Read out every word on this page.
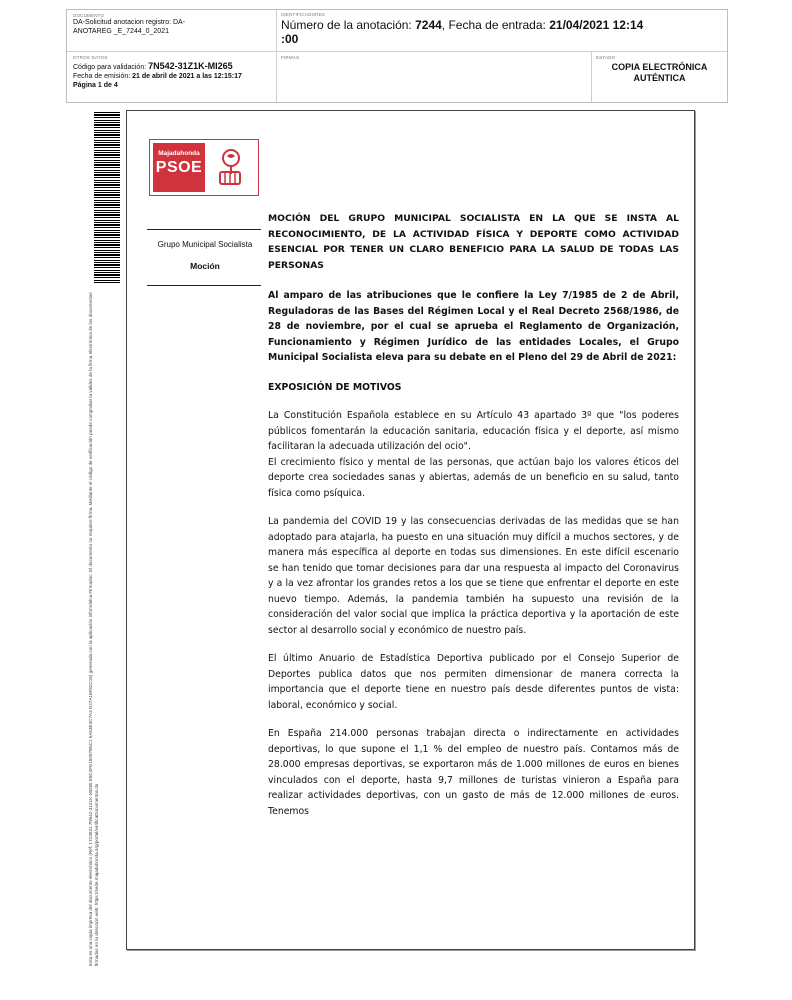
DOCUMENTO
DA-Solicitud anotacion registro: DA-ANOTAREG _E_7244_0_2021
IDENTIFICADORES
Número de la anotación: 7244, Fecha de entrada: 21/04/2021 12:14 :00
OTROS DATOS
Código para validación: 7N542-31Z1K-MI265
Fecha de emisión: 21 de abril de 2021 a las 12:15:17
Página 1 de 4
FIRMAS	ESTADO
COPIA ELECTRÓNICA AUTÉNTICA
Esta es una copia impresa del documento electrónico (Ref: 1723531 7N542-31Z1K-MI265 E8C4FE15097B5C1 5A53E4C7A3 D27A16F82C16) generada con la aplicación informática Firmadoc. El documento no requiere firma. Mediante el código de verificación puede comprobar la validez de la firma electrónica de los documentos firmados en la dirección web: https://sede.majadahonda.org/portal/verificaDocumentos.do
Majadahonda
PSOE
Grupo Municipal Socialista
Moción

MOCIÓN DEL GRUPO MUNICIPAL SOCIALISTA EN LA QUE SE INSTA AL RECONOCIMIENTO, DE LA ACTIVIDAD FÍSICA Y DEPORTE COMO ACTIVIDAD ESENCIAL POR TENER UN CLARO BENEFICIO PARA LA SALUD DE TODAS LAS PERSONAS

Al amparo de las atribuciones que le confiere la Ley 7/1985 de 2 de Abril, Reguladoras de las Bases del Régimen Local y el Real Decreto 2568/1986, de 28 de noviembre, por el cual se aprueba el Reglamento de Organización, Funcionamiento y Régimen Jurídico de las entidades Locales, el Grupo Municipal Socialista eleva para su debate en el Pleno del 29 de Abril de 2021:

EXPOSICIÓN DE MOTIVOS

La Constitución Española establece en su Artículo 43 apartado 3º que "los poderes públicos fomentarán la educación sanitaria, educación física y el deporte, así mismo facilitaran la adecuada utilización del ocio".

El crecimiento físico y mental de las personas, que actúan bajo los valores éticos del deporte crea sociedades sanas y abiertas, además de un beneficio en su salud, tanto física como psíquica.

La pandemia del COVID 19 y las consecuencias derivadas de las medidas que se han adoptado para atajarla, ha puesto en una situación muy difícil a muchos sectores, y de manera más específica al deporte en todas sus dimensiones. En este difícil escenario se han tenido que tomar decisiones para dar una respuesta al impacto del Coronavirus y a la vez afrontar los grandes retos a los que se tiene que enfrentar el deporte en este nuevo tiempo. Además, la pandemia también ha supuesto una revisión de la consideración del valor social que implica la práctica deportiva y la aportación de este sector al desarrollo social y económico de nuestro país.

El último Anuario de Estadística Deportiva publicado por el Consejo Superior de Deportes publica datos que nos permiten dimensionar de manera correcta la importancia que el deporte tiene en nuestro país desde diferentes puntos de vista: laboral, económico y social.

En España 214.000 personas trabajan directa o indirectamente en actividades deportivas, lo que supone el 1,1 % del empleo de nuestro país. Contamos más de 28.000 empresas deportivas, se exportaron más de 1.000 millones de euros en bienes vinculados con el deporte, hasta 9,7 millones de turistas vinieron a España para realizar actividades deportivas, con un gasto de más de 12.000 millones de euros. Tenemos
